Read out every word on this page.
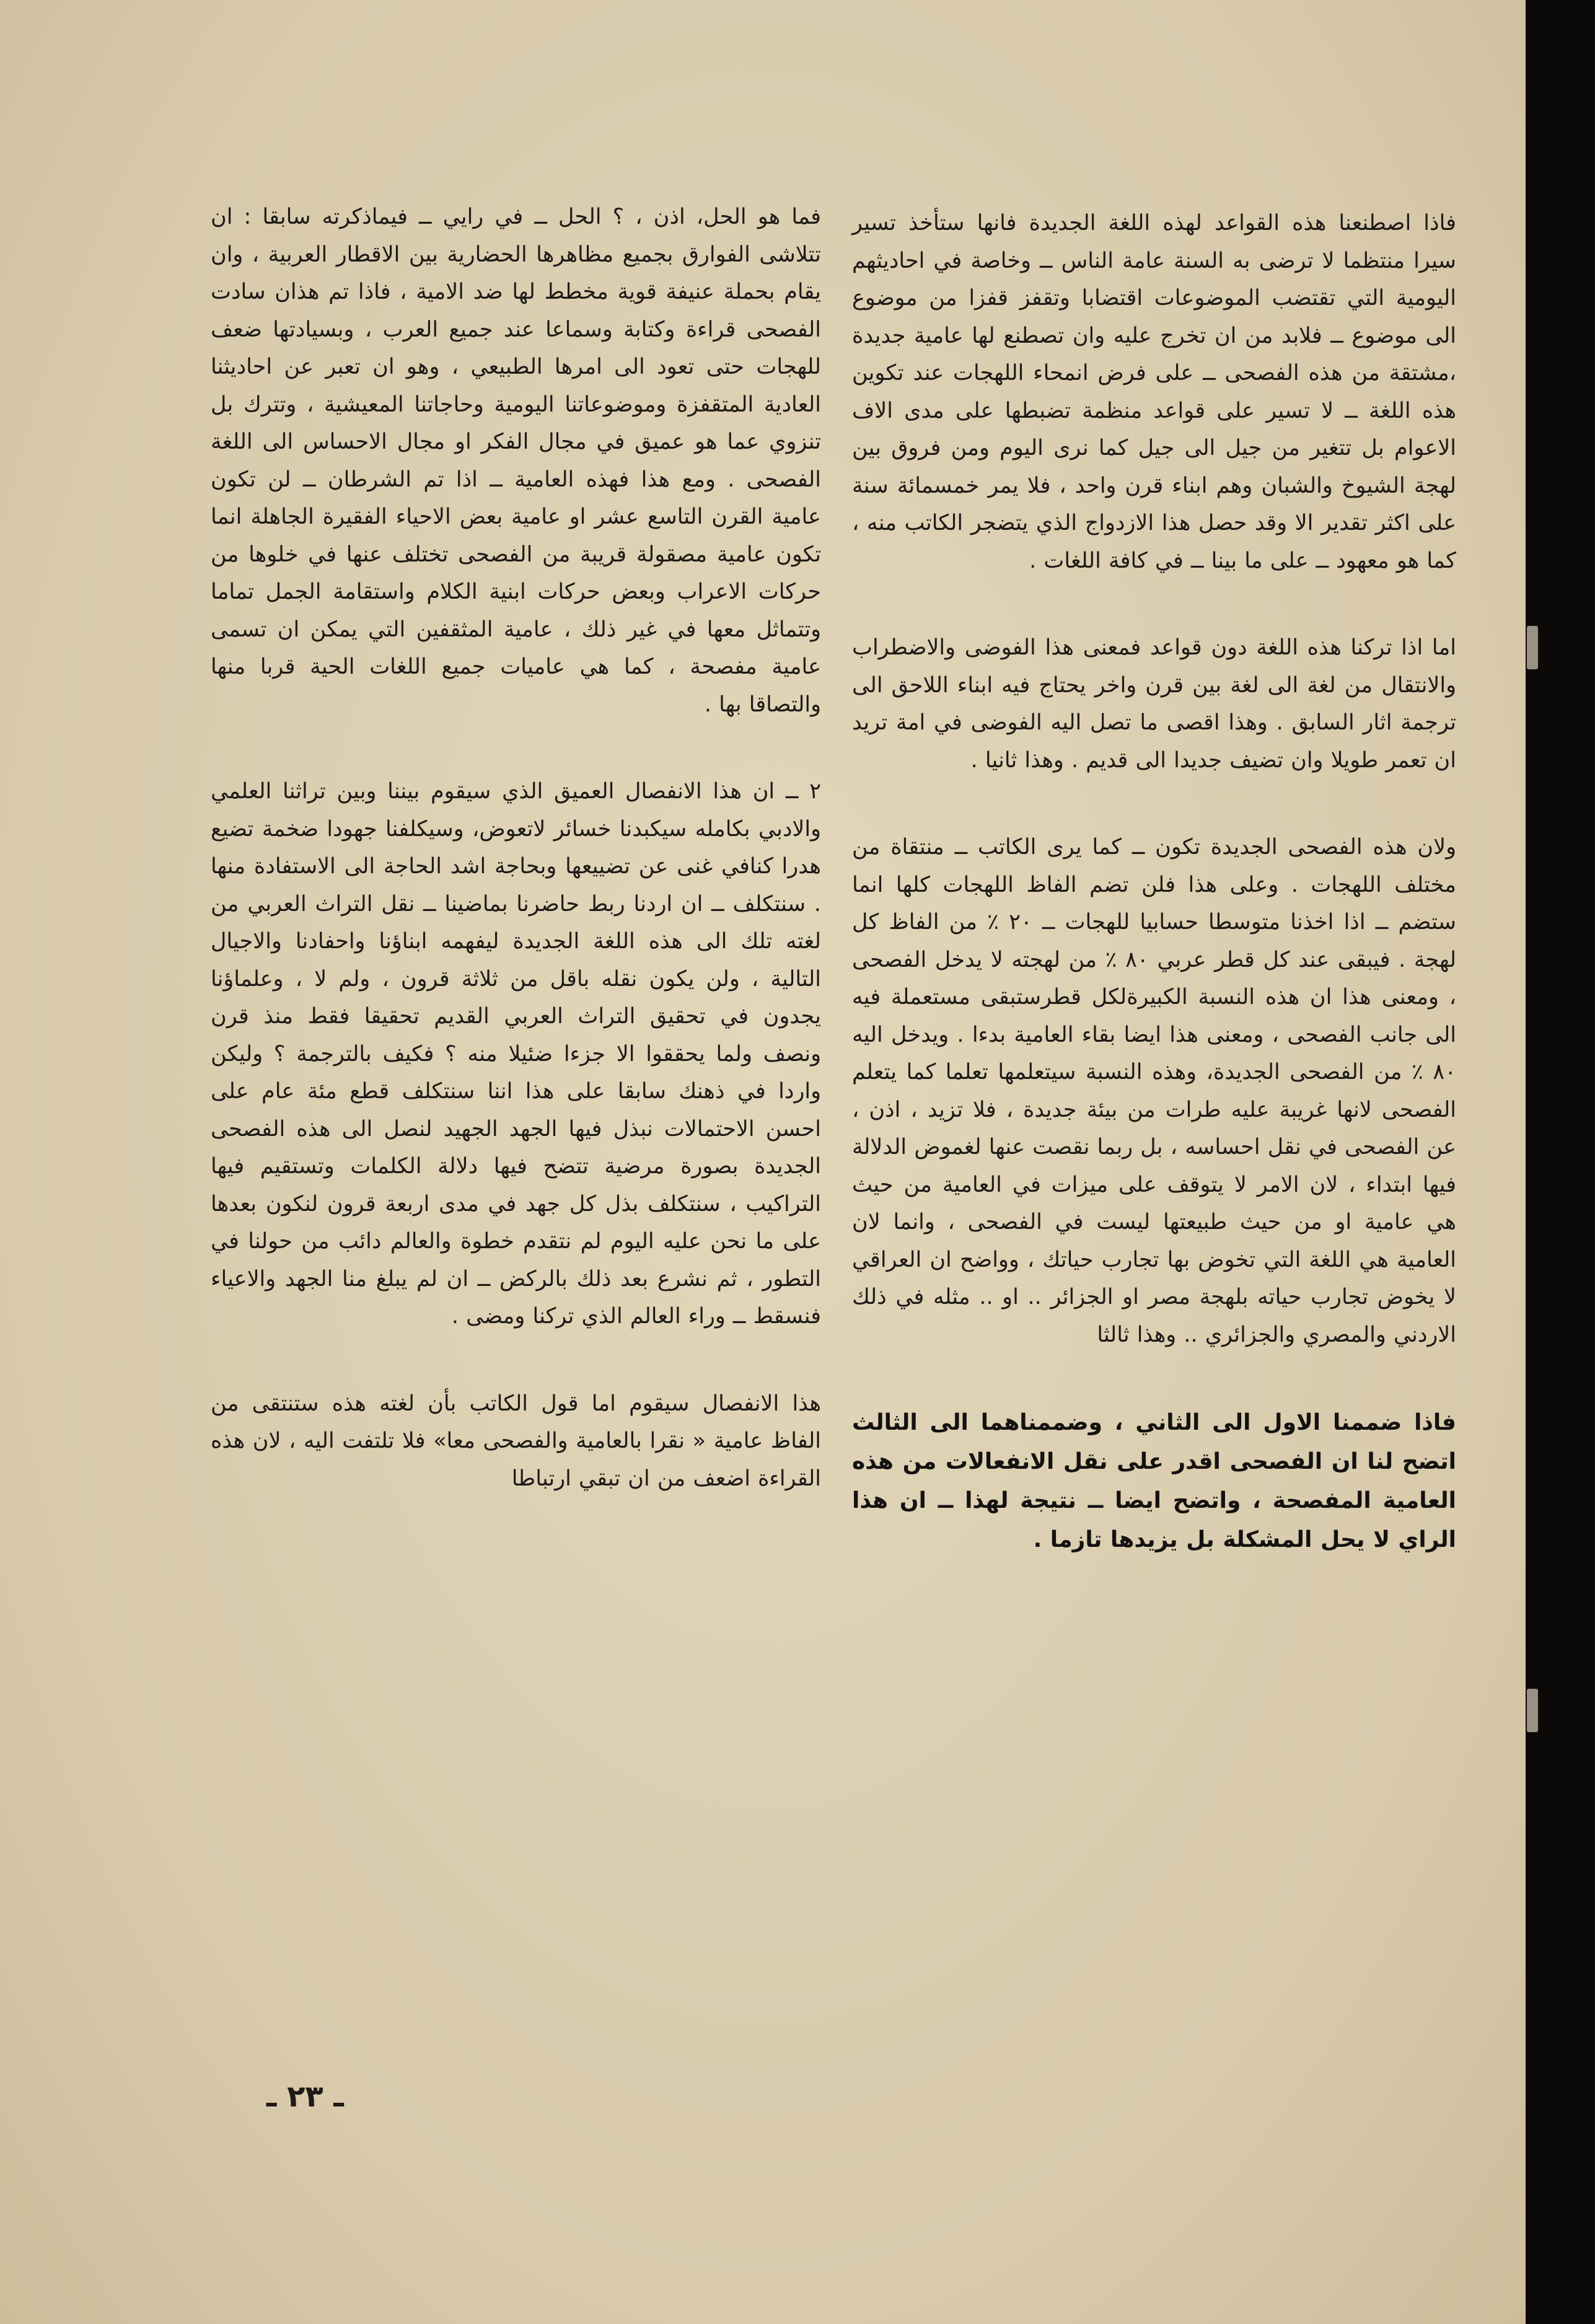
فاذا اصطنعنا هذه القواعد لهذه اللغة الجديدة فانها ستأخذ تسير سيرا منتظما لا ترضى به السنة عامة الناس ــ وخاصة في احاديثهم اليومية التي تقتضب الموضوعات اقتضابا وتقفز قفزا من موضوع الى موضوع ــ فلابد من ان تخرج عليه وان تصطنع لها عامية جديدة ،مشتقة من هذه الفصحى ــ على فرض انمحاء اللهجات عند تكوين هذه اللغة ــ لا تسير على قواعد منظمة تضبطها على مدى الاف الاعوام بل تتغير من جيل الى جيل كما نرى اليوم ومن فروق بين لهجة الشيوخ والشبان وهم ابناء قرن واحد ، فلا يمر خمسمائة سنة على اكثر تقدير الا وقد حصل هذا الازدواج الذي يتضجر الكاتب منه ، كما هو معهود ــ على ما بينا ــ في كافة اللغات .

اما اذا تركنا هذه اللغة دون قواعد فمعنى هذا الفوضى والاضطراب والانتقال من لغة الى لغة بين قرن واخر يحتاج فيه ابناء اللاحق الى ترجمة اثار السابق . وهذا اقصى ما تصل اليه الفوضى في امة تريد ان تعمر طويلا وان تضيف جديدا الى قديم . وهذا ثانيا .

ولان هذه الفصحى الجديدة تكون ــ كما يرى الكاتب ــ منتقاة من مختلف اللهجات . وعلى هذا فلن تضم الفاظ اللهجات كلها انما ستضم ــ اذا اخذنا متوسطا حسابيا للهجات ــ ٢٠ ٪ من الفاظ كل لهجة . فيبقى عند كل قطر عربي ٨٠ ٪ من لهجته لا يدخل الفصحى ، ومعنى هذا ان هذه النسبة الكبيرةلكل قطرستبقى مستعملة فيه الى جانب الفصحى ، ومعنى هذا ايضا بقاء العامية بدءا . ويدخل اليه ٨٠ ٪ من الفصحى الجديدة، وهذه النسبة سيتعلمها تعلما كما يتعلم الفصحى لانها غريبة عليه طرات من بيئة جديدة ، فلا تزيد ، اذن ، عن الفصحى في نقل احساسه ، بل ربما نقصت عنها لغموض الدلالة فيها ابتداء ، لان الامر لا يتوقف على ميزات في العامية من حيث هي عامية او من حيث طبيعتها ليست في الفصحى ، وانما لان العامية هي اللغة التي تخوض بها تجارب حياتك ، وواضح ان العراقي لا يخوض تجارب حياته بلهجة مصر او الجزائر .. او .. مثله في ذلك الاردني والمصري والجزائري .. وهذا ثالثا

فاذا ضممنا الاول الى الثاني ، وضممناهما الى الثالث اتضح لنا ان الفصحى اقدر على نقل الانفعالات من هذه العامية المفصحة ، واتضح ايضا ــ نتيجة لهذا ــ ان هذا الراي لا يحل المشكلة بل يزيدها تازما .

فما هو الحل، اذن ، ؟ الحل ــ في رايي ــ فيماذكرته سابقا : ان تتلاشى الفوارق بجميع مظاهرها الحضارية بين الاقطار العربية ، وان يقام بحملة عنيفة قوية مخطط لها ضد الامية ، فاذا تم هذان سادت الفصحى قراءة وكتابة وسماعا عند جميع العرب ، وبسيادتها ضعف للهجات حتى تعود الى امرها الطبيعي ، وهو ان تعبر عن احاديثنا العادية المتقفزة وموضوعاتنا اليومية وحاجاتنا المعيشية ، وتترك بل تنزوي عما هو عميق في مجال الفكر او مجال الاحساس الى اللغة الفصحى . ومع هذا فهذه العامية ــ اذا تم الشرطان ــ لن تكون عامية القرن التاسع عشر او عامية بعض الاحياء الفقيرة الجاهلة انما تكون عامية مصقولة قريبة من الفصحى تختلف عنها في خلوها من حركات الاعراب وبعض حركات ابنية الكلام واستقامة الجمل تماما وتتماثل معها في غير ذلك ، عامية المثقفين التي يمكن ان تسمى عامية مفصحة ، كما هي عاميات جميع اللغات الحية قربا منها والتصاقا بها .

٢ ــ ان هذا الانفصال العميق الذي سيقوم بيننا وبين تراثنا العلمي والادبي بكامله سيكبدنا خسائر لاتعوض، وسيكلفنا جهودا ضخمة تضيع هدرا كنافي غنى عن تضييعها وبحاجة اشد الحاجة الى الاستفادة منها . سنتكلف ــ ان اردنا ربط حاضرنا بماضينا ــ نقل التراث العربي من لغته تلك الى هذه اللغة الجديدة ليفهمه ابناؤنا واحفادنا والاجيال التالية ، ولن يكون نقله باقل من ثلاثة قرون ، ولم لا ، وعلماؤنا يجدون في تحقيق التراث العربي القديم تحقيقا فقط منذ قرن ونصف ولما يحققوا الا جزءا ضئيلا منه ؟ فكيف بالترجمة ؟ وليكن واردا في ذهنك سابقا على هذا اننا سنتكلف قطع مئة عام على احسن الاحتمالات نبذل فيها الجهد الجهيد لنصل الى هذه الفصحى الجديدة بصورة مرضية تتضح فيها دلالة الكلمات وتستقيم فيها التراكيب ، سنتكلف بذل كل جهد في مدى اربعة قرون لنكون بعدها على ما نحن عليه اليوم لم نتقدم خطوة والعالم دائب من حولنا في التطور ، ثم نشرع بعد ذلك بالركض ــ ان لم يبلغ منا الجهد والاعياء فنسقط ــ وراء العالم الذي تركنا ومضى .

هذا الانفصال سيقوم اما قول الكاتب بأن لغته هذه ستنتقى من الفاظ عامية « نقرا بالعامية والفصحى معا» فلا تلتفت اليه ، لان هذه القراءة اضعف من ان تبقي ارتباطا

ـ ٢٣ ـ
